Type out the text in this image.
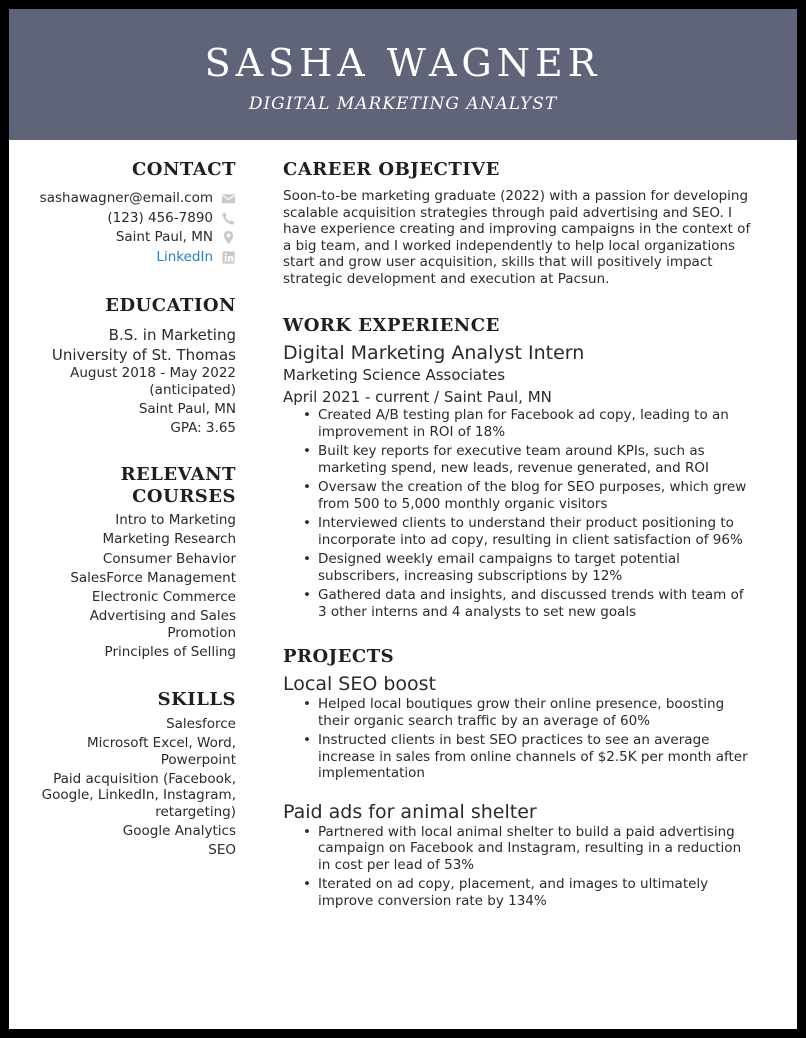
SASHA WAGNER
DIGITAL MARKETING ANALYST
CONTACT
sashawagner@email.com
(123) 456-7890
Saint Paul, MN
LinkedIn
EDUCATION
B.S. in Marketing
University of St. Thomas
August 2018 - May 2022
(anticipated)
Saint Paul, MN
GPA: 3.65
RELEVANT
COURSES
Intro to Marketing
Marketing Research
Consumer Behavior
SalesForce Management
Electronic Commerce
Advertising and Sales Promotion
Principles of Selling
SKILLS
Salesforce
Microsoft Excel, Word, Powerpoint
Paid acquisition (Facebook, Google, LinkedIn, Instagram, retargeting)
Google Analytics
SEO
CAREER OBJECTIVE

Soon-to-be marketing graduate (2022) with a passion for developing scalable acquisition strategies through paid advertising and SEO. I have experience creating and improving campaigns in the context of a big team, and I worked independently to help local organizations start and grow user acquisition, skills that will positively impact strategic development and execution at Pacsun.

WORK EXPERIENCE
Digital Marketing Analyst Intern
Marketing Science Associates
April 2021 - current / Saint Paul, MN
• Created A/B testing plan for Facebook ad copy, leading to an improvement in ROI of 18%
• Built key reports for executive team around KPIs, such as marketing spend, new leads, revenue generated, and ROI
• Oversaw the creation of the blog for SEO purposes, which grew from 500 to 5,000 monthly organic visitors
• Interviewed clients to understand their product positioning to incorporate into ad copy, resulting in client satisfaction of 96%
• Designed weekly email campaigns to target potential subscribers, increasing subscriptions by 12%
• Gathered data and insights, and discussed trends with team of 3 other interns and 4 analysts to set new goals
PROJECTS
Local SEO boost
• Helped local boutiques grow their online presence, boosting their organic search traffic by an average of 60%
• Instructed clients in best SEO practices to see an average increase in sales from online channels of $2.5K per month after implementation
Paid ads for animal shelter
• Partnered with local animal shelter to build a paid advertising campaign on Facebook and Instagram, resulting in a reduction in cost per lead of 53%
• Iterated on ad copy, placement, and images to ultimately improve conversion rate by 134%
